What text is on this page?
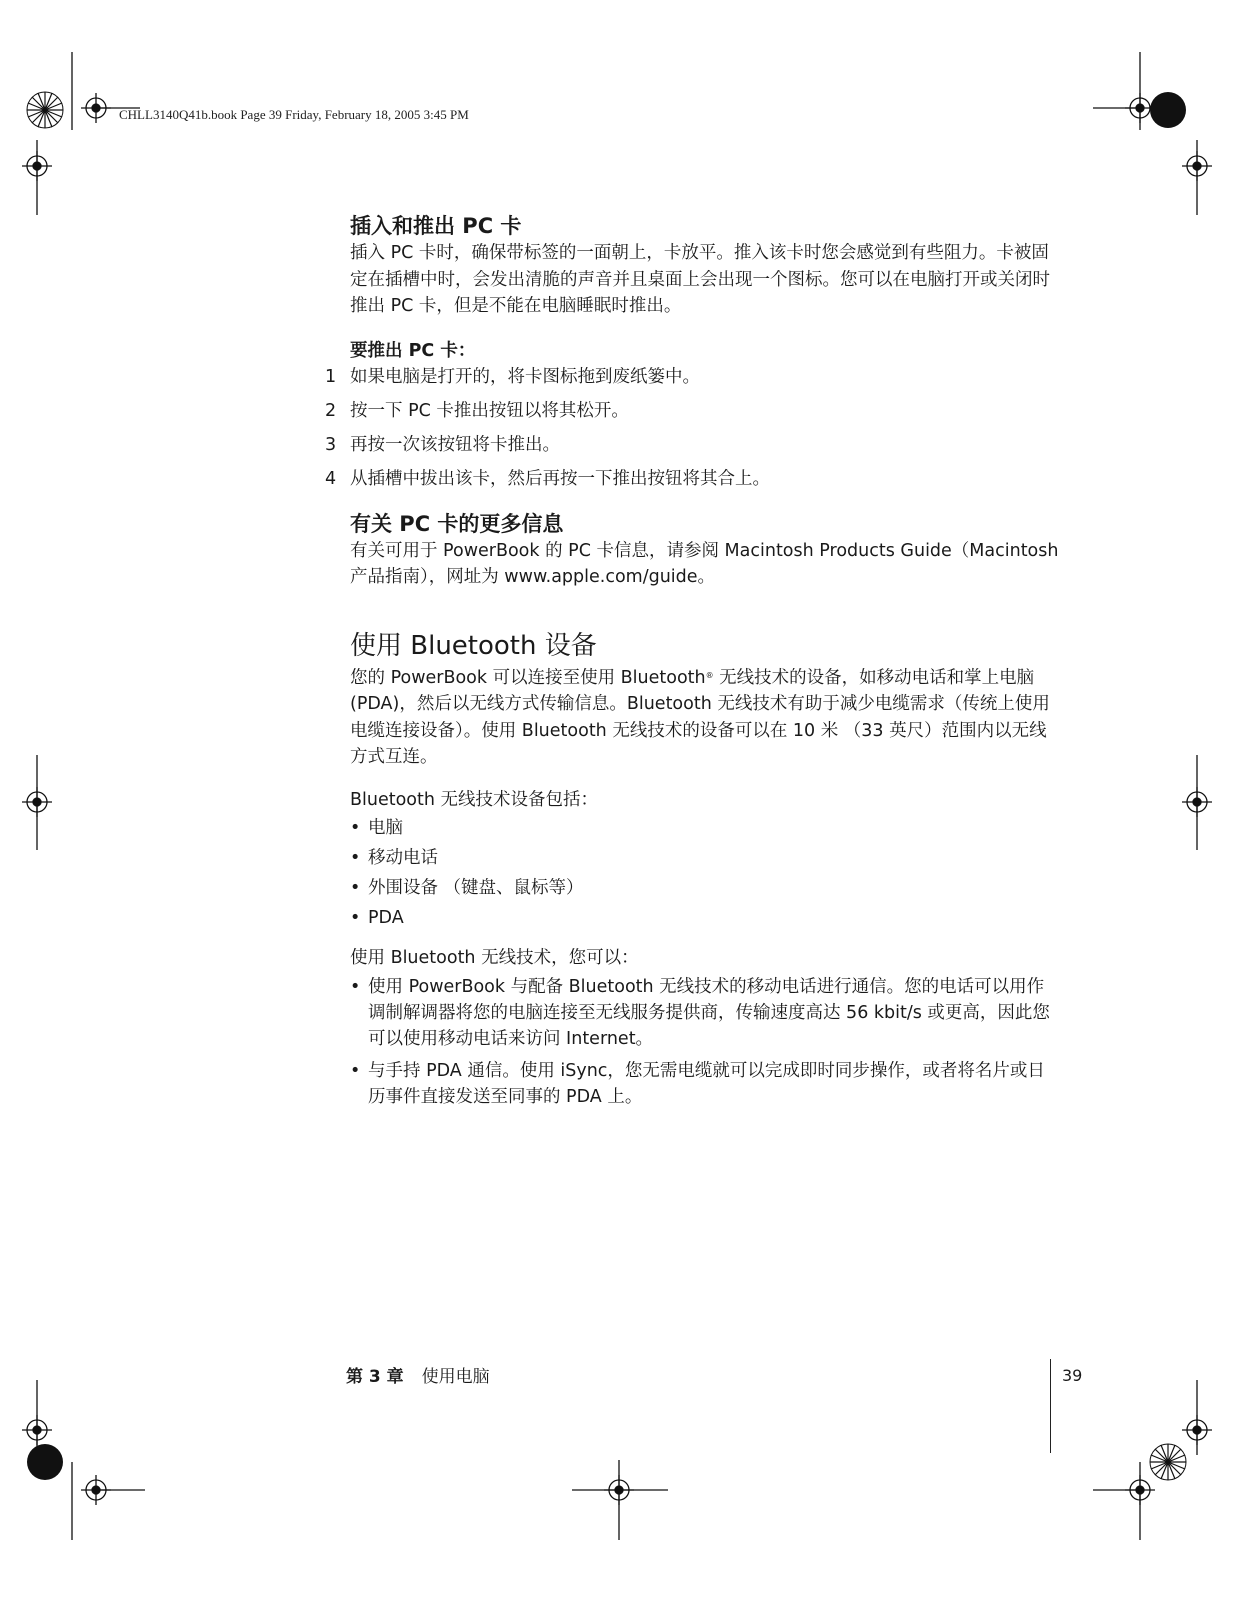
CHLL3140Q41b.book Page 39 Friday, February 18, 2005 3:45 PM
插入和推出 PC 卡

插入 PC 卡时，确保带标签的一面朝上，卡放平。推入该卡时您会感觉到有些阻力。卡被固定在插槽中时，会发出清脆的声音并且桌面上会出现一个图标。您可以在电脑打开或关闭时推出 PC 卡，但是不能在电脑睡眠时推出。

要推出 PC 卡：
1 如果电脑是打开的，将卡图标拖到废纸篓中。
2 按一下 PC 卡推出按钮以将其松开。
3 再按一次该按钮将卡推出。
4 从插槽中拔出该卡，然后再按一下推出按钮将其合上。
有关 PC 卡的更多信息

有关可用于 PowerBook 的 PC 卡信息，请参阅 Macintosh Products Guide（Macintosh 产品指南），网址为 www.apple.com/guide。

使用 Bluetooth 设备

您的 PowerBook 可以连接至使用 Bluetooth® 无线技术的设备，如移动电话和掌上电脑 (PDA)，然后以无线方式传输信息。Bluetooth 无线技术有助于减少电缆需求（传统上使用电缆连接设备）。使用 Bluetooth 无线技术的设备可以在 10 米 （33 英尺）范围内以无线方式互连。

Bluetooth 无线技术设备包括：

• 电脑
• 移动电话
• 外围设备 （键盘、鼠标等）
• PDA

使用 Bluetooth 无线技术，您可以：

• 使用 PowerBook 与配备 Bluetooth 无线技术的移动电话进行通信。您的电话可以用作调制解调器将您的电脑连接至无线服务提供商，传输速度高达 56 kbit/s 或更高，因此您可以使用移动电话来访问 Internet。
• 与手持 PDA 通信。使用 iSync，您无需电缆就可以完成即时同步操作，或者将名片或日历事件直接发送至同事的 PDA 上。
第 3 章 使用电脑	39
